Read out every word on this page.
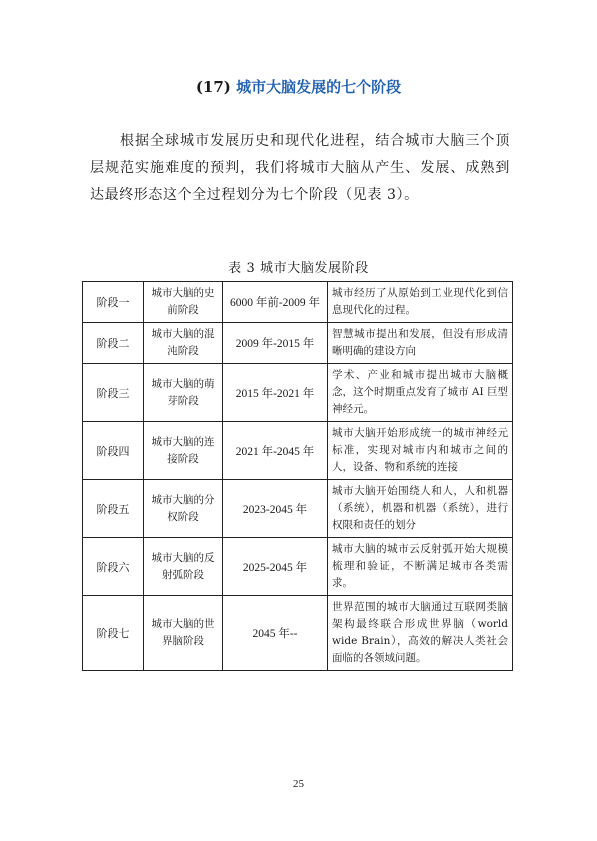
(17) 城市大脑发展的七个阶段
根据全球城市发展历史和现代化进程，结合城市大脑三个顶层规范实施难度的预判，我们将城市大脑从产生、发展、成熟到达最终形态这个全过程划分为七个阶段（见表 3）。
表 3 城市大脑发展阶段
阶段一	城市大脑的史前阶段	6000 年前-2009 年	城市经历了从原始到工业现代化到信息现代化的过程。
阶段二	城市大脑的混沌阶段	2009 年-2015 年	智慧城市提出和发展，但没有形成清晰明确的建设方向
阶段三	城市大脑的萌芽阶段	2015 年-2021 年	学术、产业和城市提出城市大脑概念，这个时期重点发育了城市 AI 巨型神经元。
阶段四	城市大脑的连接阶段	2021 年-2045 年	城市大脑开始形成统一的城市神经元标准，实现对城市内和城市之间的人，设备、物和系统的连接
阶段五	城市大脑的分权阶段	2023-2045 年	城市大脑开始围绕人和人，人和机器（系统），机器和机器（系统），进行权限和责任的划分
阶段六	城市大脑的反射弧阶段	2025-2045 年	城市大脑的城市云反射弧开始大规模梳理和验证，不断满足城市各类需求。
阶段七	城市大脑的世界脑阶段	2045 年--	世界范围的城市大脑通过互联网类脑架构最终联合形成世界脑（world wide Brain），高效的解决人类社会面临的各领域问题。
25
